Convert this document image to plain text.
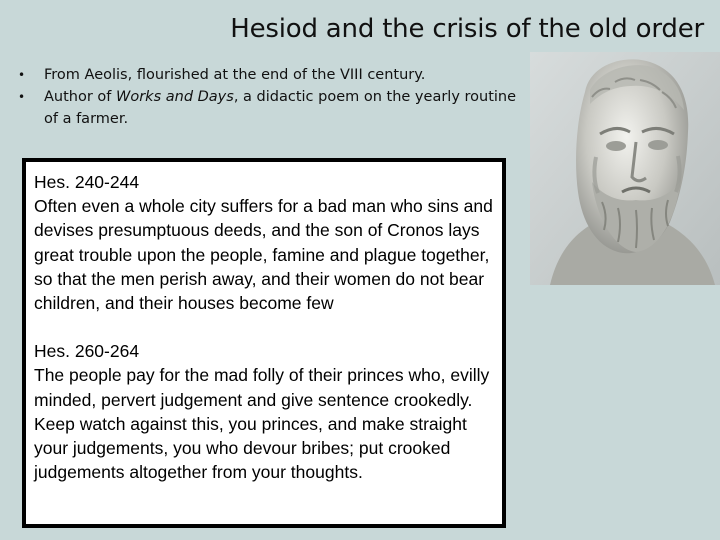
Hesiod and the crisis of the old order
• From Aeolis, flourished at the end of the VIII century.
• Author of Works and Days, a didactic poem on the yearly routine of a farmer.

Hes. 240-244
Often even a whole city suffers for a bad man who sins and devises presumptuous deeds, and the son of Cronos lays great trouble upon the people, famine and plague together, so that the men perish away, and their women do not bear children, and their houses become few

Hes. 260-264
The people pay for the mad folly of their princes who, evilly minded, pervert judgement and give sentence crookedly. Keep watch against this, you princes, and make straight your judgements, you who devour bribes; put crooked judgements altogether from your thoughts.
